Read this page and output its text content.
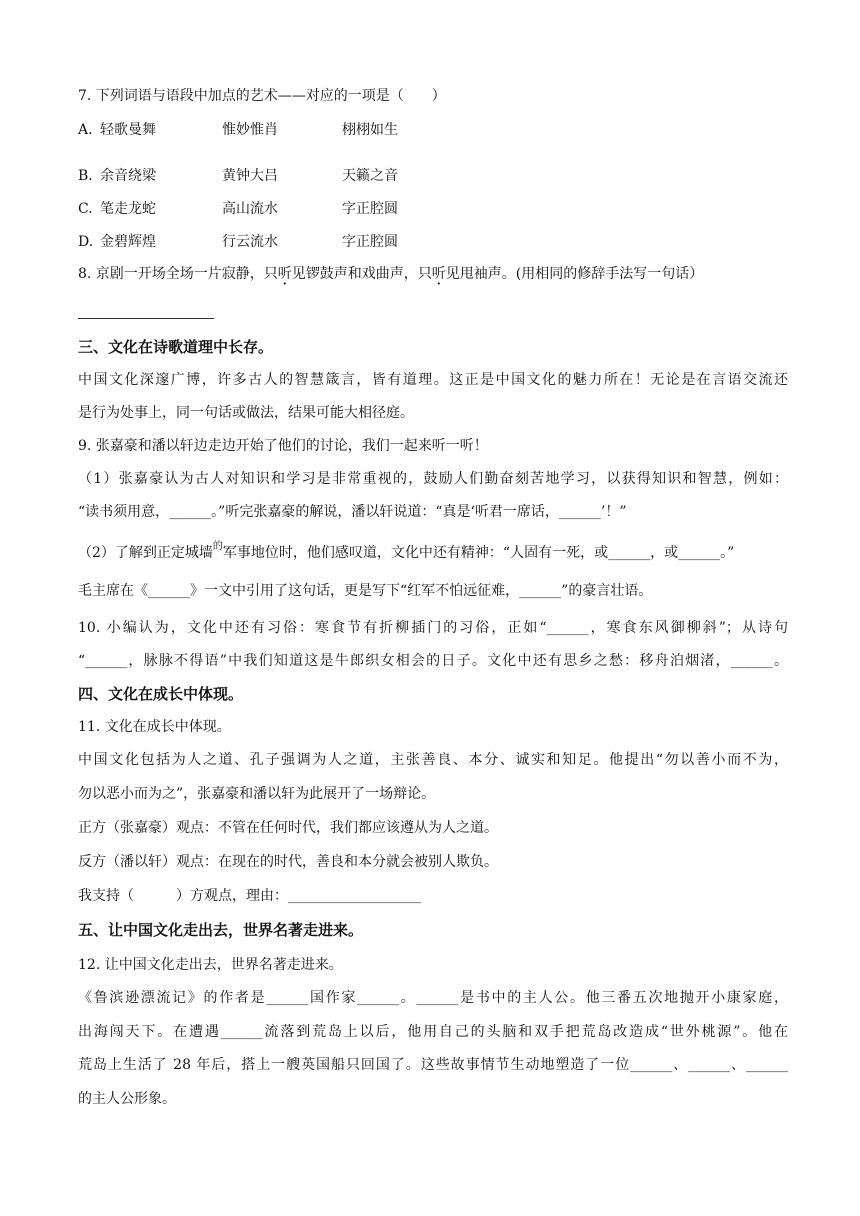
7. 下列词语与语段中加点的艺术——对应的一项是（　　）
A. 轻歌曼舞	惟妙惟肖	栩栩如生
B. 余音绕梁	黄钟大吕	天籁之音
C. 笔走龙蛇	高山流水	字正腔圆
D. 金碧辉煌	行云流水	字正腔圆
8. 京剧一开场全场一片寂静，只听见锣鼓声和戏曲声，只听见甩袖声。(用相同的修辞手法写一句话）
三、文化在诗歌道理中长存。
中国文化深邃广博，许多古人的智慧箴言，皆有道理。这正是中国文化的魅力所在！无论是在言语交流还
是行为处事上，同一句话或做法，结果可能大相径庭。
9. 张嘉豪和潘以轩边走边开始了他们的讨论，我们一起来听一听！
（1）张嘉豪认为古人对知识和学习是非常重视的，鼓励人们勤奋刻苦地学习，以获得知识和智慧，例如：
“读书须用意，______。”听完张嘉豪的解说，潘以轩说道：“真是‘听君一席话，______’！”
（2）了解到正定城墙$^的$军事地位时，他们感叹道，文化中还有精神：“人固有一死，或______，或______。”
毛主席在《______》一文中引用了这句话，更是写下“红军不怕远征难，______”的豪言壮语。
10. 小编认为，文化中还有习俗：寒食节有折柳插门的习俗，正如“______，寒食东风御柳斜”；从诗句
“______，脉脉不得语”中我们知道这是牛郎织女相会的日子。文化中还有思乡之愁：移舟泊烟渚，______。
四、文化在成长中体现。
11. 文化在成长中体现。
中国文化包括为人之道、孔子强调为人之道，主张善良、本分、诚实和知足。他提出“勿以善小而不为，
勿以恶小而为之”，张嘉豪和潘以轩为此展开了一场辩论。
正方（张嘉豪）观点：不管在任何时代，我们都应该遵从为人之道。
反方（潘以轩）观点：在现在的时代，善良和本分就会被别人欺负。
我支持（　　　）方观点，理由：___________________
五、让中国文化走出去，世界名著走进来。
12. 让中国文化走出去，世界名著走进来。
《鲁滨逊漂流记》的作者是______国作家______。______是书中的主人公。他三番五次地抛开小康家庭，
出海闯天下。在遭遇______流落到荒岛上以后，他用自己的头脑和双手把荒岛改造成“世外桃源”。他在
荒岛上生活了 28 年后，搭上一艘英国船只回国了。这些故事情节生动地塑造了一位______、______、______
的主人公形象。
